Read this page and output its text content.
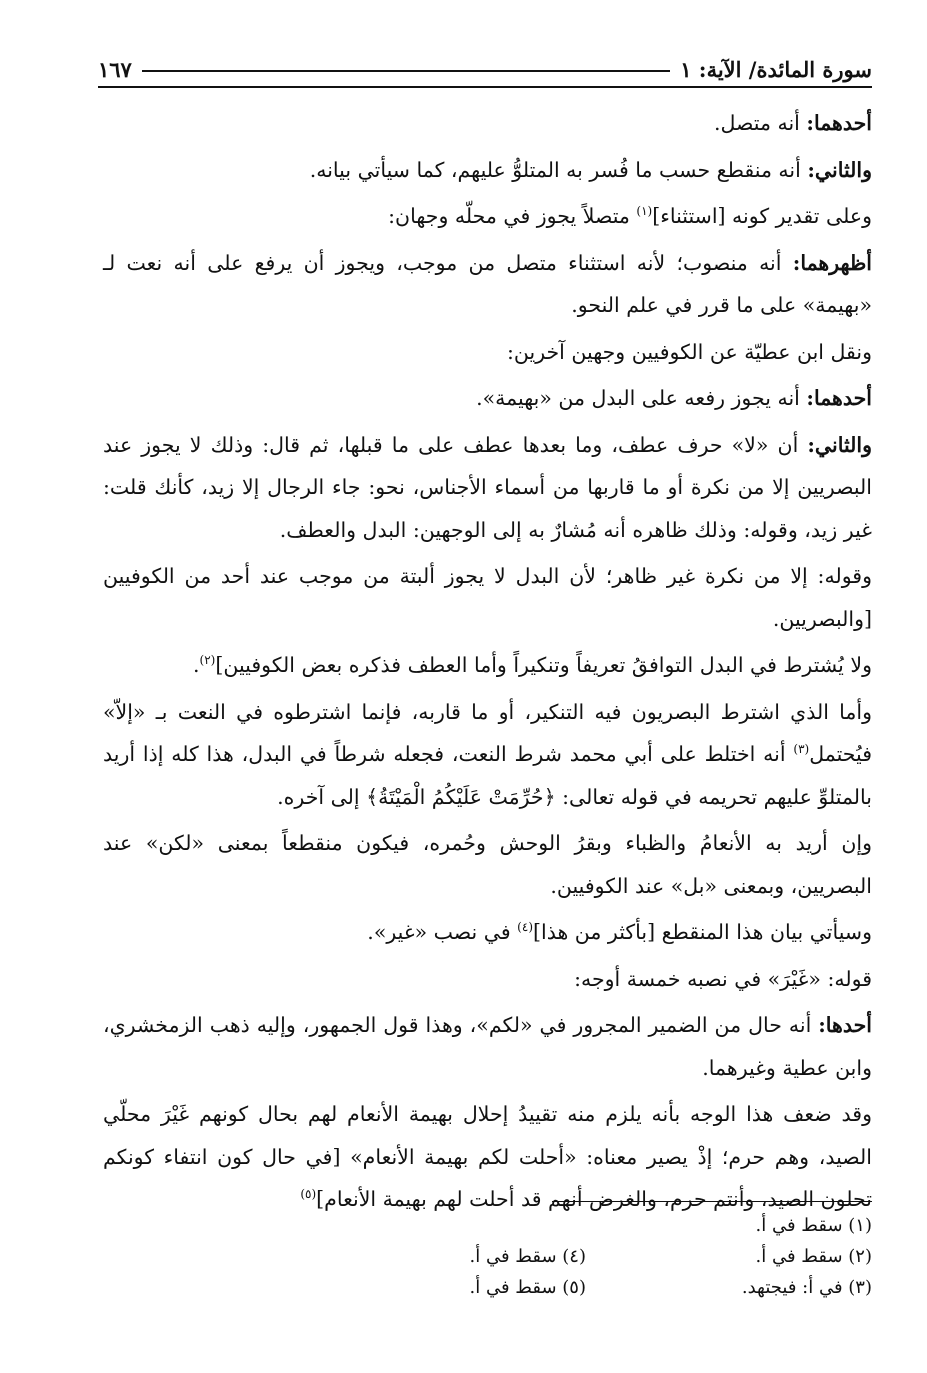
سورة المائدة/ الآية: ١
١٦٧

أحدهما: أنه متصل.

والثاني: أنه منقطع حسب ما فُسر به المتلوُّ عليهم، كما سيأتي بيانه.

وعلى تقدير كونه [استثناء]$^{(١)}$ متصلاً يجوز في محلّه وجهان:

أظهرهما: أنه منصوب؛ لأنه استثناء متصل من موجب، ويجوز أن يرفع على أنه نعت لـ «بهيمة» على ما قرر في علم النحو.

ونقل ابن عطيّة عن الكوفيين وجهين آخرين:

أحدهما: أنه يجوز رفعه على البدل من «بهيمة».

والثاني: أن «لا» حرف عطف، وما بعدها عطف على ما قبلها، ثم قال: وذلك لا يجوز عند البصريين إلا من نكرة أو ما قاربها من أسماء الأجناس، نحو: جاء الرجال إلا زيد، كأنك قلت: غير زيد، وقوله: وذلك ظاهره أنه مُشارٌ به إلى الوجهين: البدل والعطف.

وقوله: إلا من نكرة غير ظاهر؛ لأن البدل لا يجوز ألبتة من موجب عند أحد من الكوفيين [والبصريين.

ولا يُشترط في البدل التوافقُ تعريفاً وتنكيراً وأما العطف فذكره بعض الكوفيين]$^{(٢)}$.

وأما الذي اشترط البصريون فيه التنكير، أو ما قاربه، فإنما اشترطوه في النعت بـ «إلاّ» فيُحتمل$^{(٣)}$ أنه اختلط على أبي محمد شرط النعت، فجعله شرطاً في البدل، هذا كله إذا أريد بالمتلوِّ عليهم تحريمه في قوله تعالى: ﴿حُرِّمَتْ عَلَيْكُمُ الْمَيْتَةُ﴾ إلى آخره.

وإن أريد به الأنعامُ والظباء وبقرُ الوحش وحُمره، فيكون منقطعاً بمعنى «لكن» عند البصريين، وبمعنى «بل» عند الكوفيين.

وسيأتي بيان هذا المنقطع [بأكثر من هذا]$^{(٤)}$ في نصب «غير».

قوله: «غَيْرَ» في نصبه خمسة أوجه:

أحدها: أنه حال من الضمير المجرور في «لكم»، وهذا قول الجمهور، وإليه ذهب الزمخشري، وابن عطية وغيرهما.

وقد ضعف هذا الوجه بأنه يلزم منه تقييدُ إحلال بهيمة الأنعام لهم بحال كونهم غَيْرَ محلّي الصيد، وهم حرم؛ إذْ يصير معناه: «أحلت لكم بهيمة الأنعام» [في حال كون انتفاء كونكم تحلون الصيد، وأنتم حرم، والغرض أنهم قد أحلت لهم بهيمة الأنعام]$^{(٥)}$

(١) سقط في أ.
(٢) سقط في أ.
(٤) سقط في أ.
(٣) في أ: فيجتهد.
(٥) سقط في أ.
